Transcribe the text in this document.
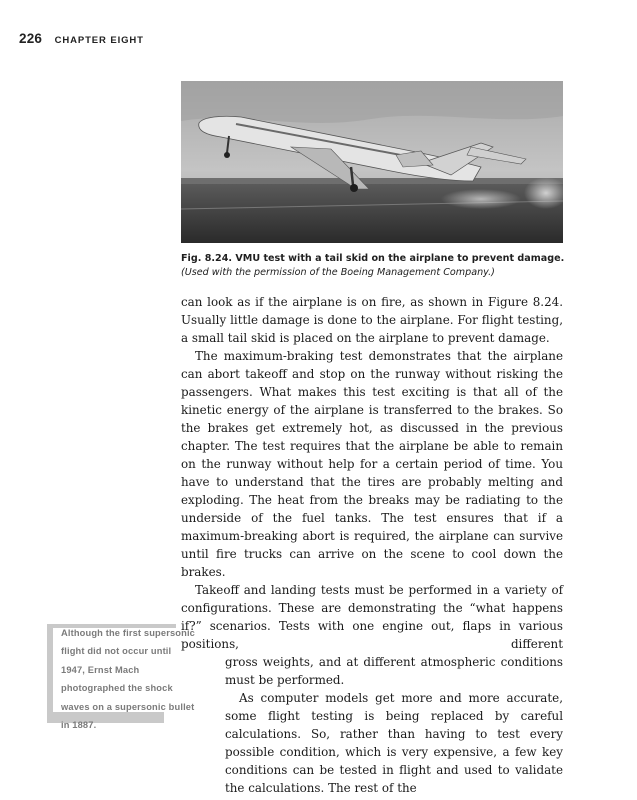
226 CHAPTER EIGHT
Fig. 8.24. VMU test with a tail skid on the airplane to prevent damage. (Used with the permission of the Boeing Management Company.)

can look as if the airplane is on fire, as shown in Figure 8.24. Usually little damage is done to the airplane. For flight testing, a small tail skid is placed on the airplane to prevent damage.

The maximum-braking test demonstrates that the airplane can abort takeoff and stop on the runway without risking the passengers. What makes this test exciting is that all of the kinetic energy of the airplane is transferred to the brakes. So the brakes get extremely hot, as discussed in the previous chapter. The test requires that the airplane be able to remain on the runway without help for a certain period of time. You have to understand that the tires are probably melting and exploding. The heat from the breaks may be radiating to the underside of the fuel tanks. The test ensures that if a maximum-breaking abort is required, the airplane can survive until fire trucks can arrive on the scene to cool down the brakes.

Takeoff and landing tests must be performed in a variety of configurations. These are demonstrating the “what happens if?” scenarios. Tests with one engine out, flaps in various positions, different

gross weights, and at different atmospheric conditions must be performed.

As computer models get more and more accurate, some flight testing is being replaced by careful calculations. So, rather than having to test every possible condition, which is very expensive, a few key conditions can be tested in flight and used to validate the calculations. The rest of the

Although the first supersonic flight did not occur until 1947, Ernst Mach photographed the shock waves on a supersonic bullet in 1887.
